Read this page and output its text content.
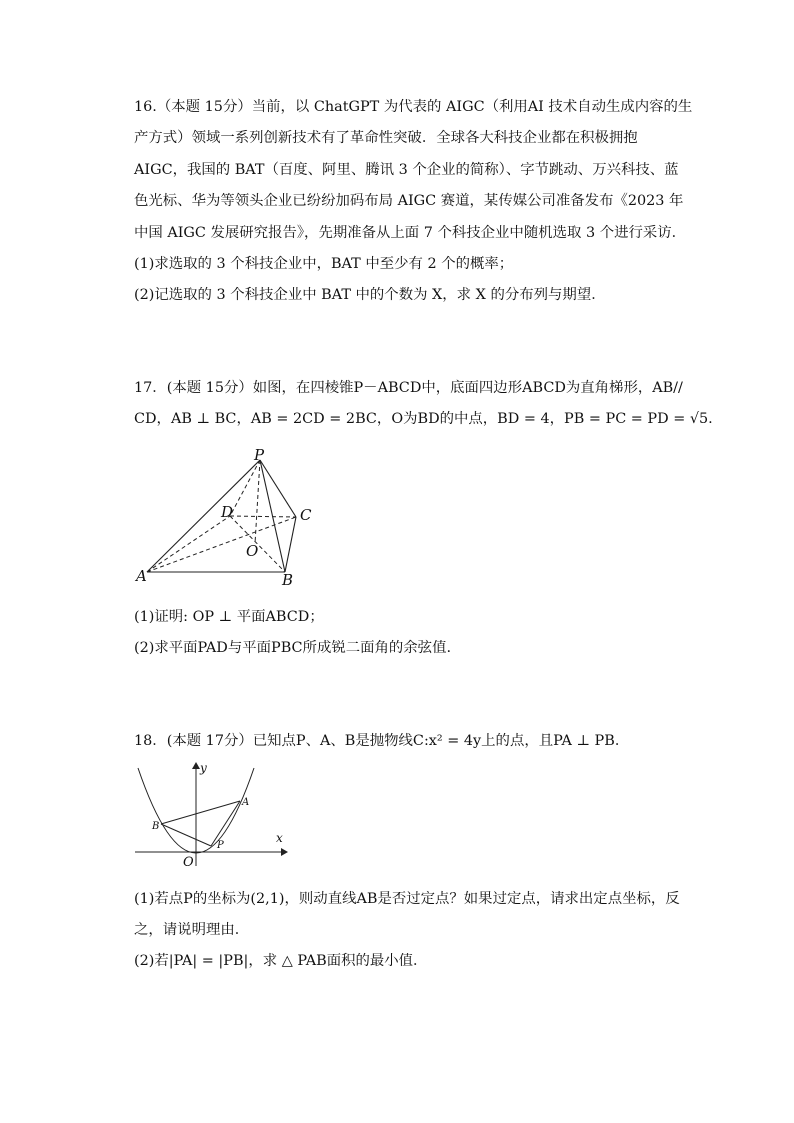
16.（本题 15分）当前，以 ChatGPT 为代表的 AIGC（利用AI 技术自动生成内容的生
产方式）领域一系列创新技术有了革命性突破．全球各大科技企业都在积极拥抱
AIGC，我国的 BAT（百度、阿里、腾讯 3 个企业的简称）、字节跳动、万兴科技、蓝
色光标、华为等领头企业已纷纷加码布局 AIGC 赛道，某传媒公司准备发布《2023 年
中国 AIGC 发展研究报告》，先期准备从上面 7 个科技企业中随机选取 3 个进行采访．
(1)求选取的 3 个科技企业中，BAT 中至少有 2 个的概率；
(2)记选取的 3 个科技企业中 BAT 中的个数为 X，求 X 的分布列与期望．
17．(本题 15分）如图，在四棱锥P－ABCD中，底面四边形ABCD为直角梯形，AB//
CD，AB ⊥ BC，AB = 2CD = 2BC，O为BD的中点，BD = 4，PB = PC = PD = √5.
P
D	C
O
A	B
(1)证明: OP ⊥ 平面ABCD；
(2)求平面PAD与平面PBC所成锐二面角的余弦值.
18．(本题 17分）已知点P、A、B是抛物线C:x² = 4y上的点，且PA ⊥ PB．
y
x
O
A
B
P
(1)若点P的坐标为(2,1)，则动直线AB是否过定点？如果过定点，请求出定点坐标，反
之，请说明理由．
(2)若|PA| = |PB|，求 △ PAB面积的最小值．
